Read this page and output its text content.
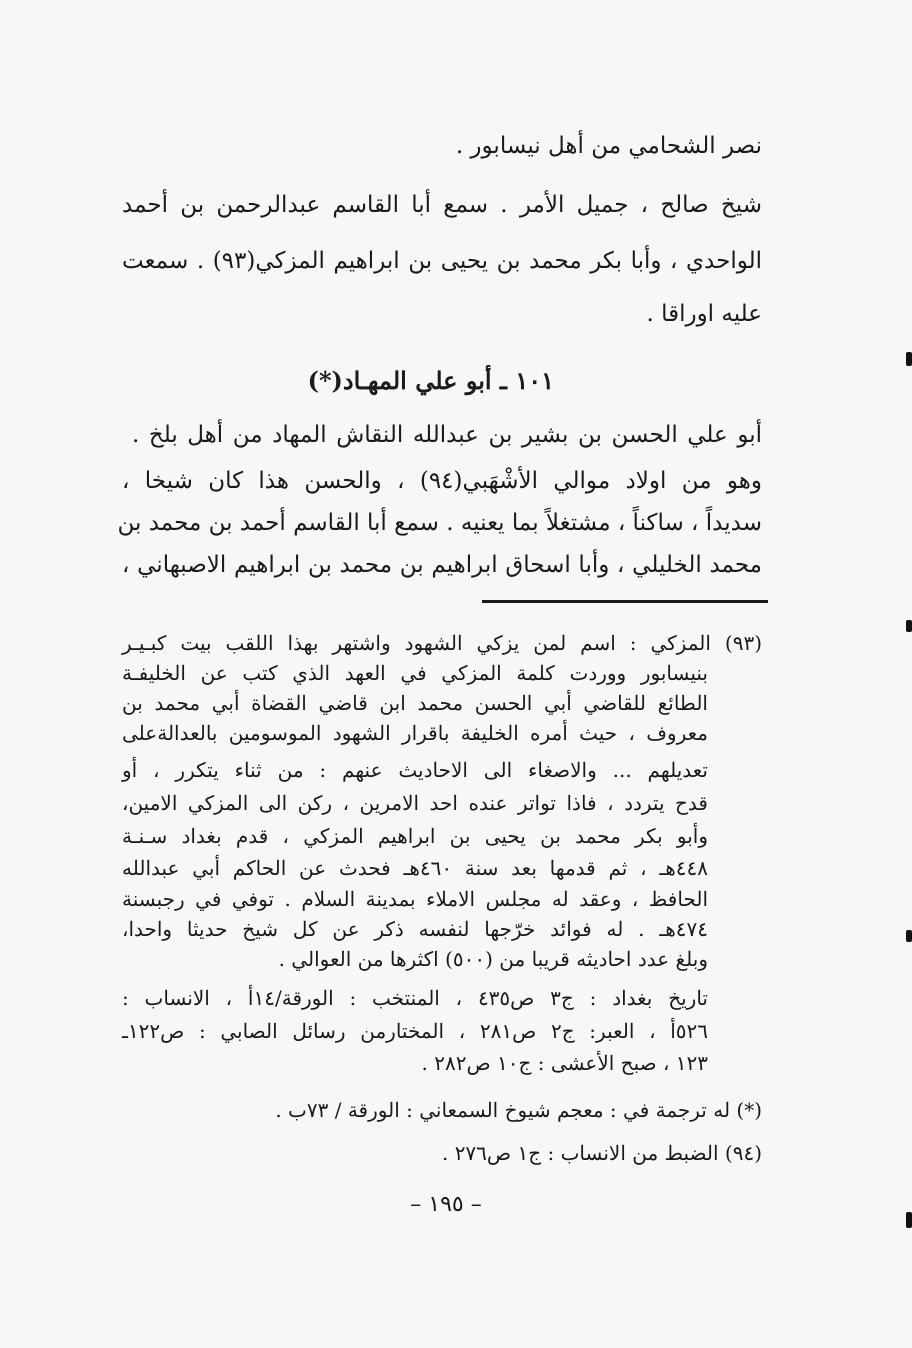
نصر الشحامي من أهل نيسابور .
شيخ صالح ، جميل الأمر . سمع أبا القاسم عبدالرحمن بن أحمد
الواحدي ، وأبا بكر محمد بن يحيى بن ابراهيم المزكي(٩٣) . سمعت
عليه اوراقا .
١٠١ ـ أبو علي المهـاد(*)
أبو علي الحسن بن بشير بن عبدالله النقاش المهاد من أهل بلخ .
وهو من اولاد موالي الأشْهَبي(٩٤) ، والحسن هذا كان شيخا ،
سديداً ، ساكناً ، مشتغلاً بما يعنيه . سمع أبا القاسم أحمد بن محمد بن
محمد الخليلي ، وأبا اسحاق ابراهيم بن محمد بن ابراهيم الاصبهاني ،
(٩٣) المزكي : اسم لمن يزكي الشهود واشتهر بهذا اللقب بيت كبـيـر
بنيسابور ووردت كلمة المزكي في العهد الذي كتب عن الخليفـة
الطائع للقاضي أبي الحسن محمد ابن قاضي القضاة أبي محمد بن
معروف ، حيث أمره الخليفة باقرار الشهود الموسومين بالعدالةعلى
تعديلهم ... والاصغاء الى الاحاديث عنهم : من ثناء يتكرر ، أو
قدح يتردد ، فاذا تواتر عنده احد الامرين ، ركن الى المزكي الامين،
وأبو بكر محمد بن يحيى بن ابراهيم المزكي ، قدم بغداد سـنـة
٤٤٨هـ ، ثم قدمها بعد سنة ٤٦٠هـ فحدث عن الحاكم أبي عبدالله
الحافظ ، وعقد له مجلس الاملاء بمدينة السلام . توفي في رجبسنة
٤٧٤هـ . له فوائد خرّجها لنفسه ذكر عن كل شيخ حديثا واحدا،
وبلغ عدد احاديثه قريبا من (٥٠٠) اكثرها من العوالي .
تاريخ بغداد : ج٣ ص٤٣٥ ، المنتخب : الورقة/١٤أ ، الانساب :
٥٢٦أ ، العبر: ج٢ ص٢٨١ ، المختارمن رسائل الصابي : ص١٢٢ـ
١٢٣ ، صبح الأعشى : ج١٠ ص٢٨٢ .
(*) له ترجمة في : معجم شيوخ السمعاني : الورقة / ٧٣ب .
(٩٤) الضبط من الانساب : ج١ ص٢٧٦ .
– ١٩٥ –
